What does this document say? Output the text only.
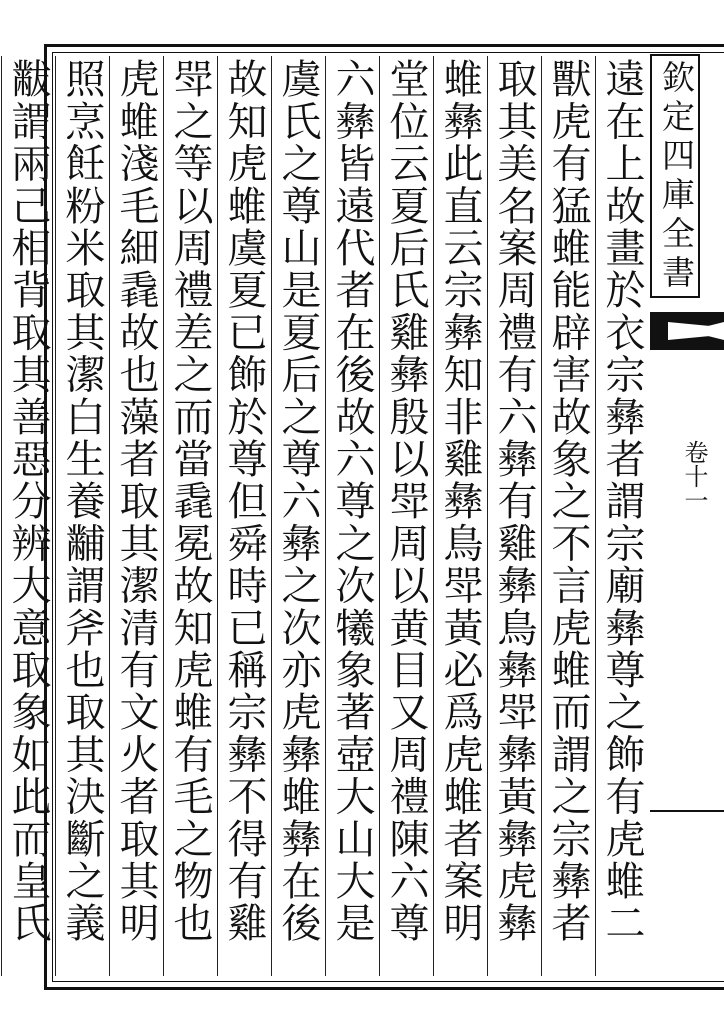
遠在上故畫於衣宗彝者謂宗廟彝尊之飾有虎蜼二
獸虎有猛蜼能辟害故象之不言虎蜼而謂之宗彝者
取其美名案周禮有六彝有雞彝鳥彝斝彝黃彝虎彝
蜼彝此直云宗彝知非雞彝鳥斝黃必爲虎蜼者案明
堂位云夏后氏雞彝殷以斝周以黄目又周禮陳六尊
六彝皆遠代者在後故六尊之次犧象著壺大山大是
虞氏之尊山是夏后之尊六彝之次亦虎彝蜼彝在後
故知虎蜼虞夏已飾於尊但舜時已稱宗彝不得有雞
斝之等以周禮差之而當毳冕故知虎蜼有毛之物也
虎蜼淺毛細毳故也藻者取其潔清有文火者取其明
照烹飪粉米取其潔白生養黼謂斧也取其決斷之義
黻謂兩己相背取其善惡分辨大意取象如此而皇氏	欽定四庫全書
卷十一
